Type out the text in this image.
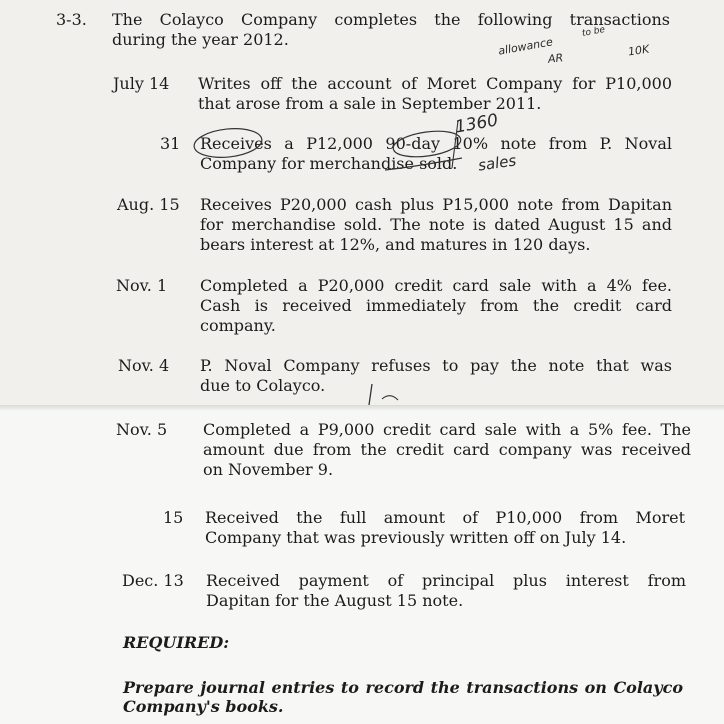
3-3. The Colayco Company completes the following transactions
during the year 2012.	allowance
to be
AR
10K
July 14 Writes off the account of Moret Company for P10,000
that arose from a sale in September 2011.
31 Receives a P12,000 90-day 10% note from P. Noval
Company for merchandise sold.
1360
sales
Aug. 15 Receives P20,000 cash plus P15,000 note from Dapitan
for merchandise sold. The note is dated August 15 and
bears interest at 12%, and matures in 120 days.
Nov. 1 Completed a P20,000 credit card sale with a 4% fee.
Cash is received immediately from the credit card
company.
Nov. 4 P. Noval Company refuses to pay the note that was
due to Colayco.
Nov. 5 Completed a P9,000 credit card sale with a 5% fee. The
amount due from the credit card company was received
on November 9.
15 Received the full amount of P10,000 from Moret
Company that was previously written off on July 14.
Dec. 13 Received payment of principal plus interest from
Dapitan for the August 15 note.
REQUIRED:
Prepare journal entries to record the transactions on Colayco
Company's books.
